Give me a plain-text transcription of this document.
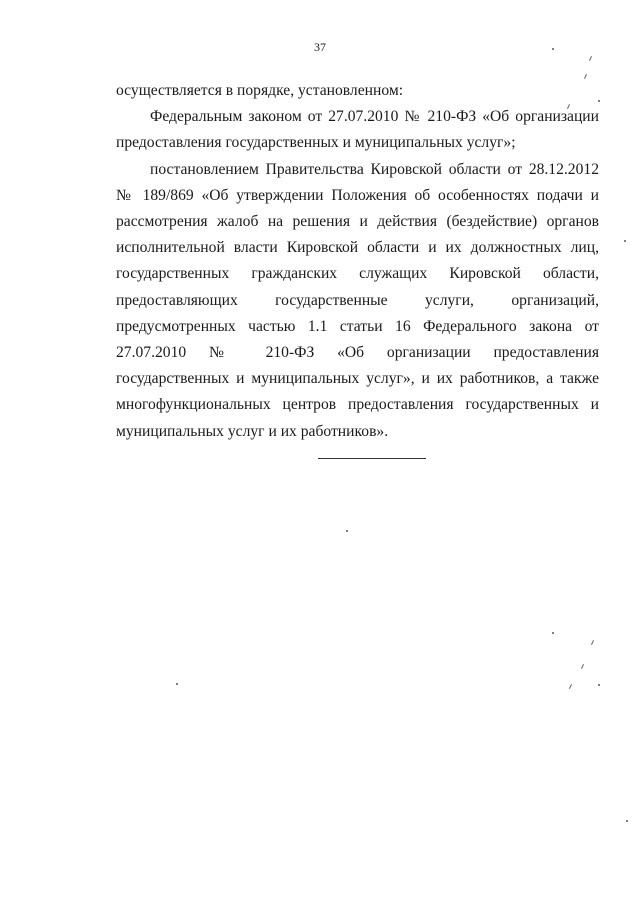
37

осуществляется в порядке, установленном:

Федеральным законом от 27.07.2010 № 210-ФЗ «Об организации предоставления государственных и муниципальных услуг»;

постановлением Правительства Кировской области от 28.12.2012 № 189/869 «Об утверждении Положения об особенностях подачи и рассмотрения жалоб на решения и действия (бездействие) органов исполнительной власти Кировской области и их должностных лиц, государственных гражданских служащих Кировской области, предоставляющих государственные услуги, организаций, предусмотренных частью 1.1 статьи 16 Федерального закона от 27.07.2010 № 210-ФЗ «Об организации предоставления государственных и муниципальных услуг», и их работников, а также многофункциональных центров предоставления государственных и муниципальных услуг и их работников».
